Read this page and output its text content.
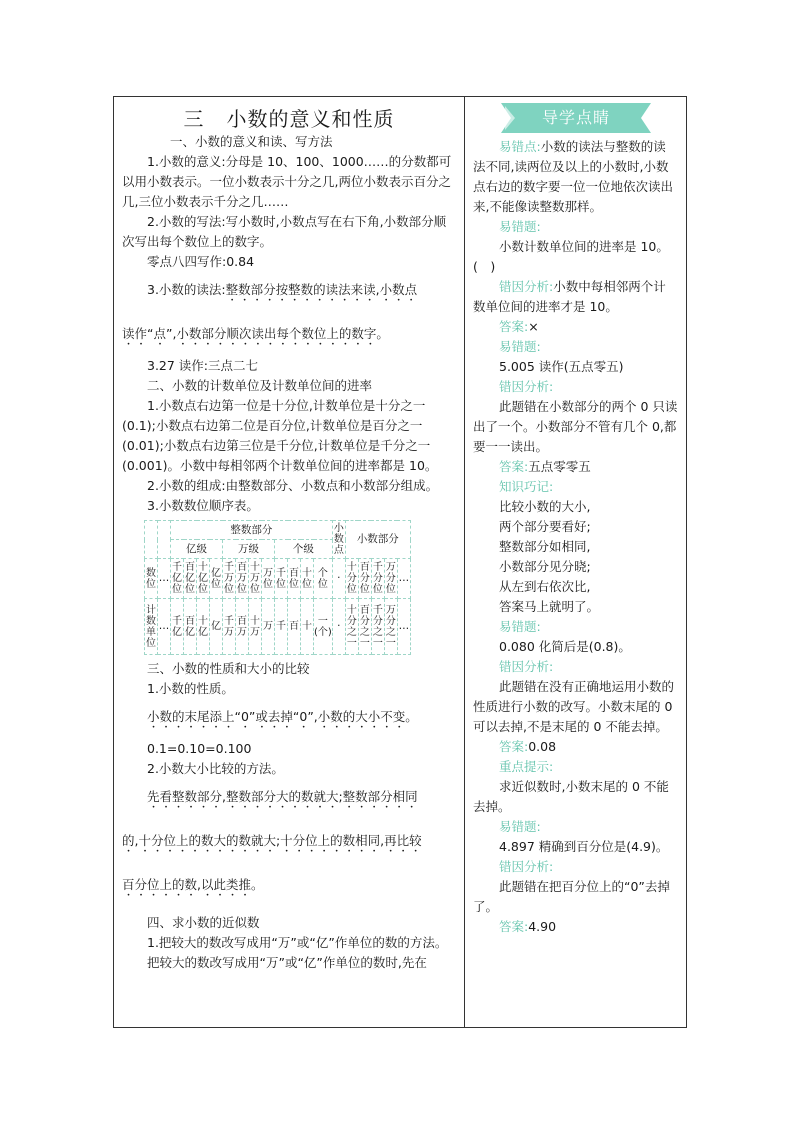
三 小数的意义和性质
一、小数的意义和读、写方法
1.小数的意义:分母是 10、100、1000……的分数都可以用小数表示。一位小数表示十分之几,两位小数表示百分之几,三位小数表示千分之几……
2.小数的写法:写小数时,小数点写在右下角,小数部分顺次写出每个数位上的数字。
零点八四写作:0.84
3.小数的读法:整数部分按整数的读法来读,小数点
读作“点”,小数部分顺次读出每个数位上的数字。
3.27 读作:三点二七
二、小数的计数单位及计数单位间的进率
1.小数点右边第一位是十分位,计数单位是十分之一(0.1);小数点右边第二位是百分位,计数单位是百分之一(0.01);小数点右边第三位是千分位,计数单位是千分之一(0.001)。小数中每相邻两个计数单位间的进率都是 10。
2.小数的组成:由整数部分、小数点和小数部分组成。
3.小数数位顺序表。
		整数部分												小数点	小数部分				
		亿级				万级				个级									
数位	…	千亿位	百亿位	十亿位	亿位	千万位	百万位	十万位	万位	千位	百位	十位	个位	·	十分位	百分位	千分位	万分位	…
计数单位	…	千亿	百亿	十亿	亿	千万	百万	十万	万	千	百	十	一(个)	·	十分之一	百分之一	千分之一	万分之一	…
三、小数的性质和大小的比较
1.小数的性质。
小数的末尾添上“0”或去掉“0”,小数的大小不变。
0.1=0.10=0.100
2.小数大小比较的方法。
先看整数部分,整数部分大的数就大;整数部分相同
的,十分位上的数大的数就大;十分位上的数相同,再比较
百分位上的数,以此类推。
四、求小数的近似数
1.把较大的数改写成用“万”或“亿”作单位的数的方法。
把较大的数改写成用“万”或“亿”作单位的数时,先在
导学点睛
易错点:小数的读法与整数的读法不同,读两位及以上的小数时,小数点右边的数字要一位一位地依次读出来,不能像读整数那样。
易错题:
小数计数单位间的进率是 10。(　)
错因分析:小数中每相邻两个计数单位间的进率才是 10。
答案:×
易错题:
5.005 读作(五点零五)
错因分析:
此题错在小数部分的两个 0 只读出了一个。小数部分不管有几个 0,都要一一读出。
答案:五点零零五
知识巧记:
比较小数的大小,
两个部分要看好;
整数部分如相同,
小数部分见分晓;
从左到右依次比,
答案马上就明了。
易错题:
0.080 化简后是(0.8)。
错因分析:
此题错在没有正确地运用小数的性质进行小数的改写。小数末尾的 0 可以去掉,不是末尾的 0 不能去掉。
答案:0.08
重点提示:
求近似数时,小数末尾的 0 不能去掉。
易错题:
4.897 精确到百分位是(4.9)。
错因分析:
此题错在把百分位上的“0”去掉了。
答案:4.90
